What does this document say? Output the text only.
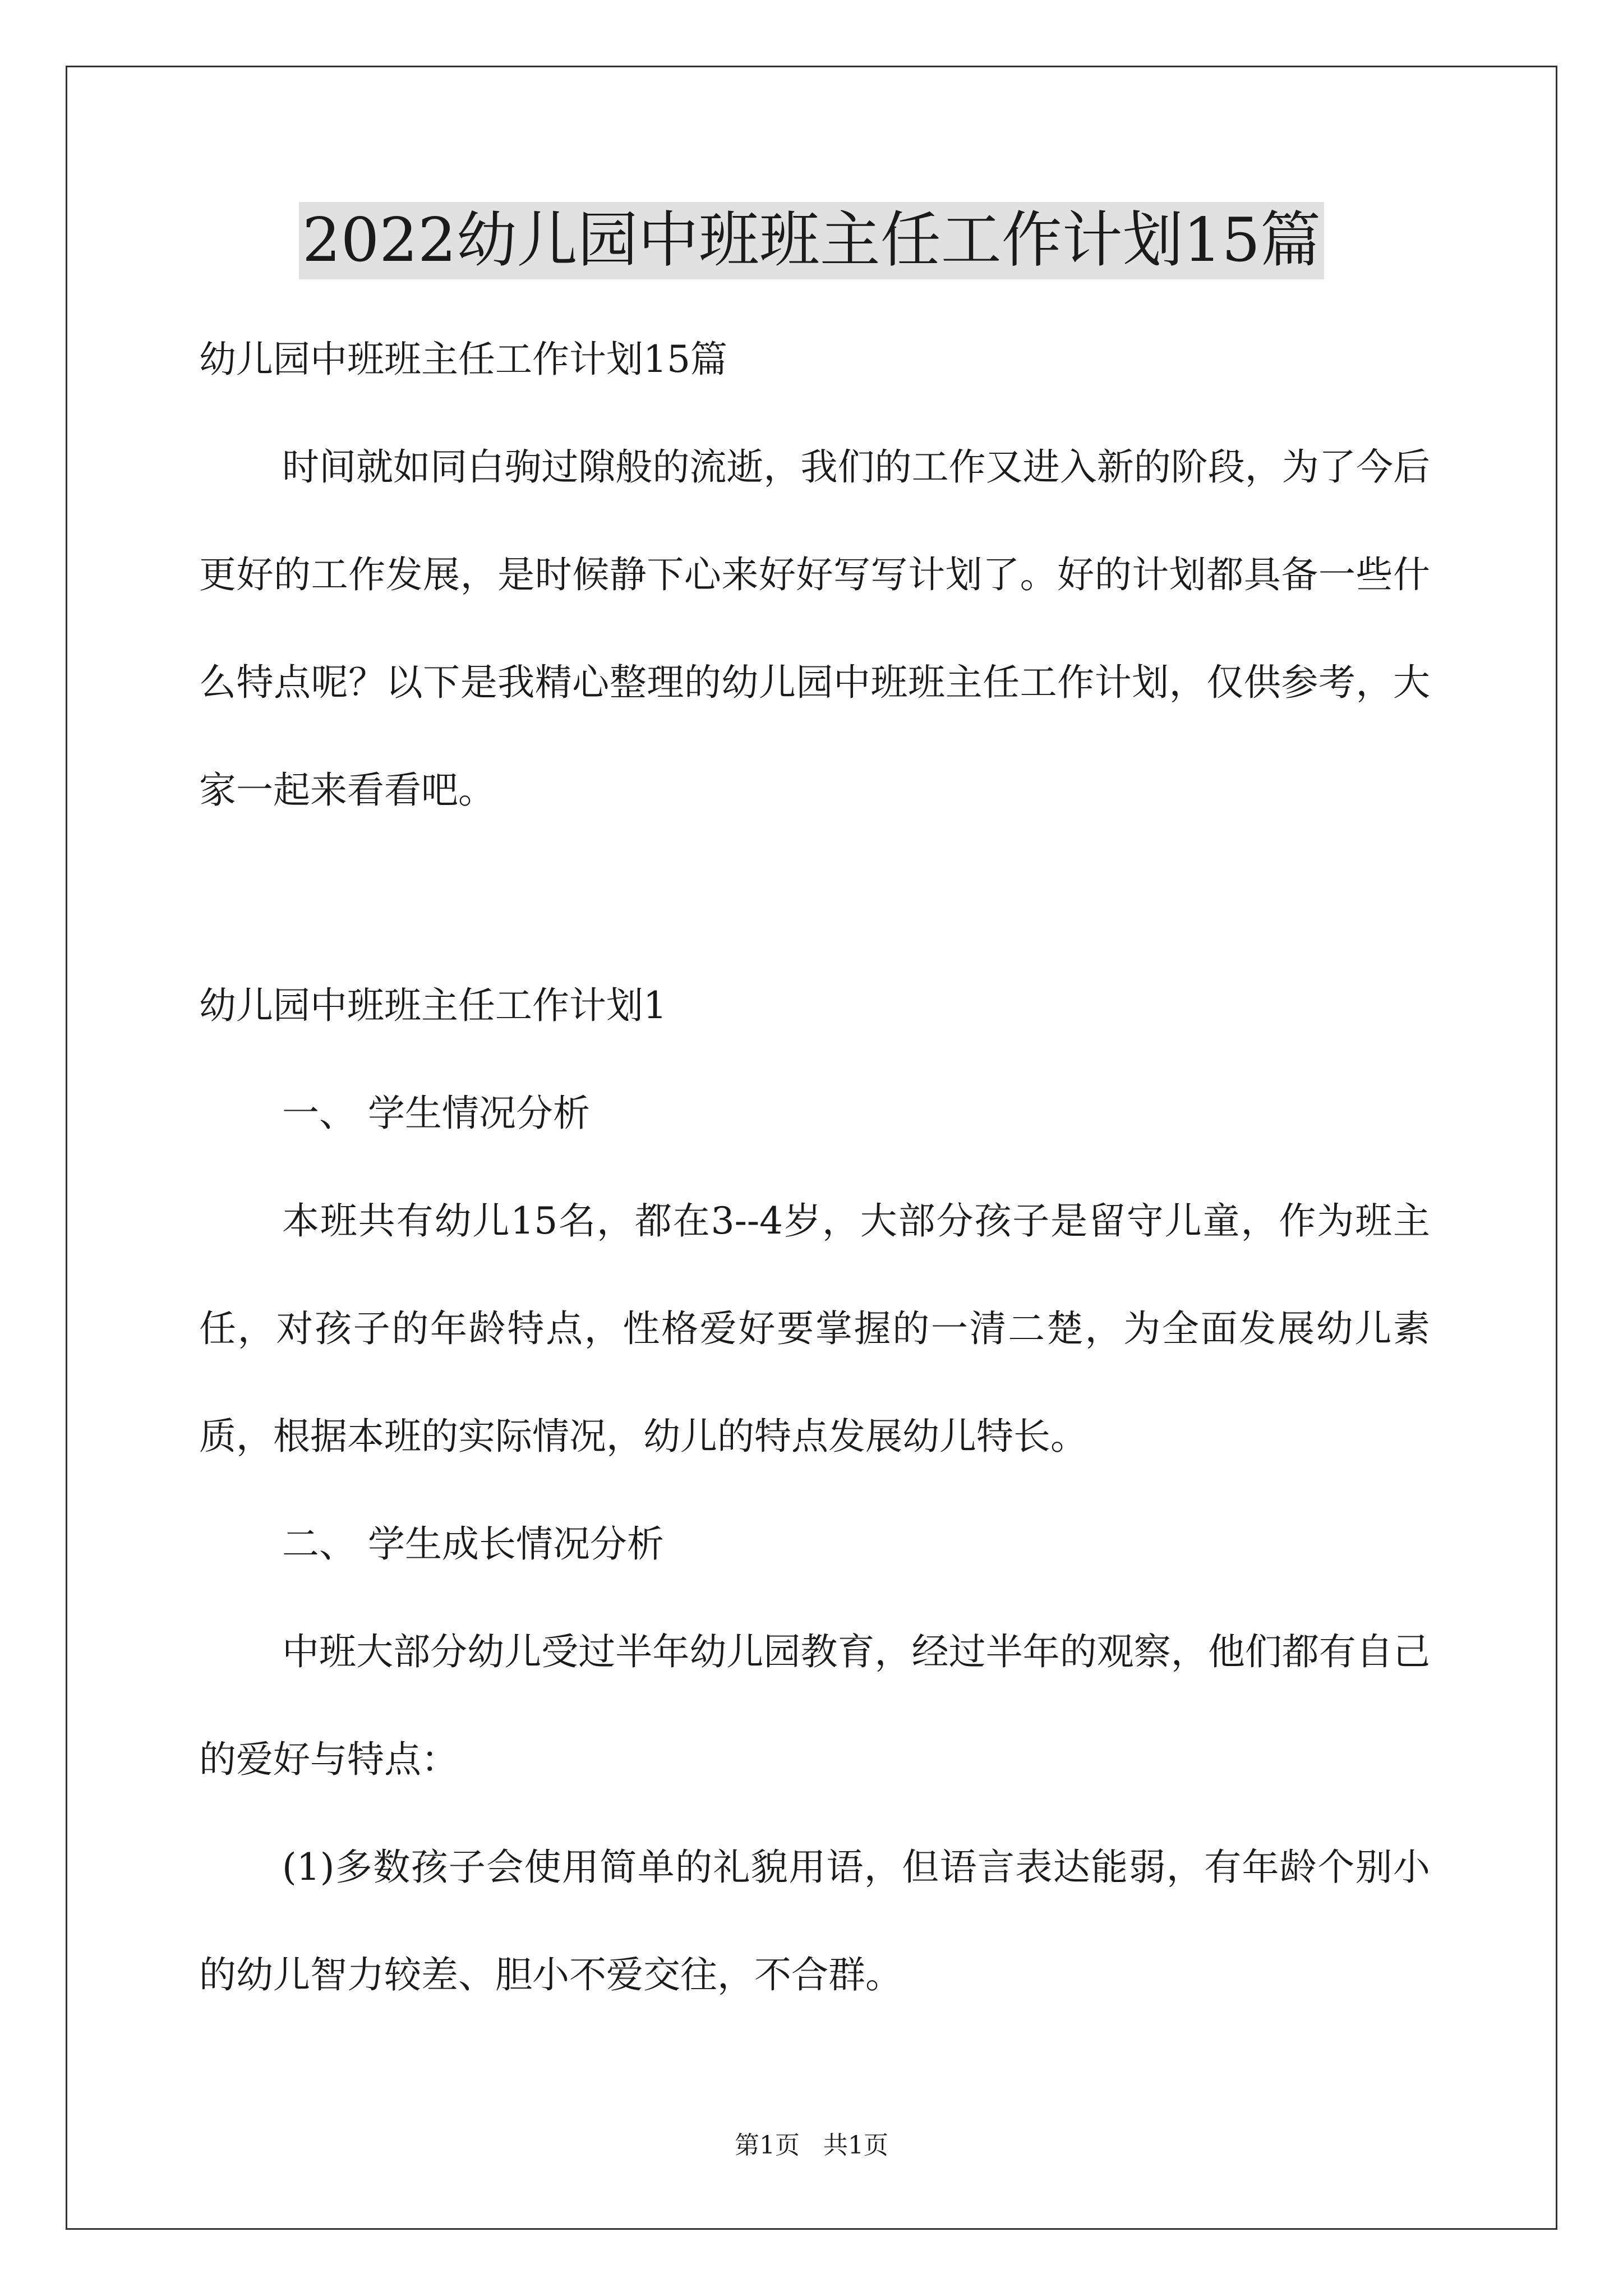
2022幼儿园中班班主任工作计划15篇

幼儿园中班班主任工作计划15篇

时间就如同白驹过隙般的流逝，我们的工作又进入新的阶段，为了今后更好的工作发展，是时候静下心来好好写写计划了。好的计划都具备一些什么特点呢？以下是我精心整理的幼儿园中班班主任工作计划，仅供参考，大家一起来看看吧。

幼儿园中班班主任工作计划1

一、 学生情况分析

本班共有幼儿15名，都在3--4岁，大部分孩子是留守儿童，作为班主任，对孩子的年龄特点，性格爱好要掌握的一清二楚，为全面发展幼儿素质，根据本班的实际情况，幼儿的特点发展幼儿特长。

二、 学生成长情况分析

中班大部分幼儿受过半年幼儿园教育，经过半年的观察，他们都有自己的爱好与特点：

(1)多数孩子会使用简单的礼貌用语，但语言表达能弱，有年龄个别小的幼儿智力较差、胆小不爱交往，不合群。

第1页 共1页
